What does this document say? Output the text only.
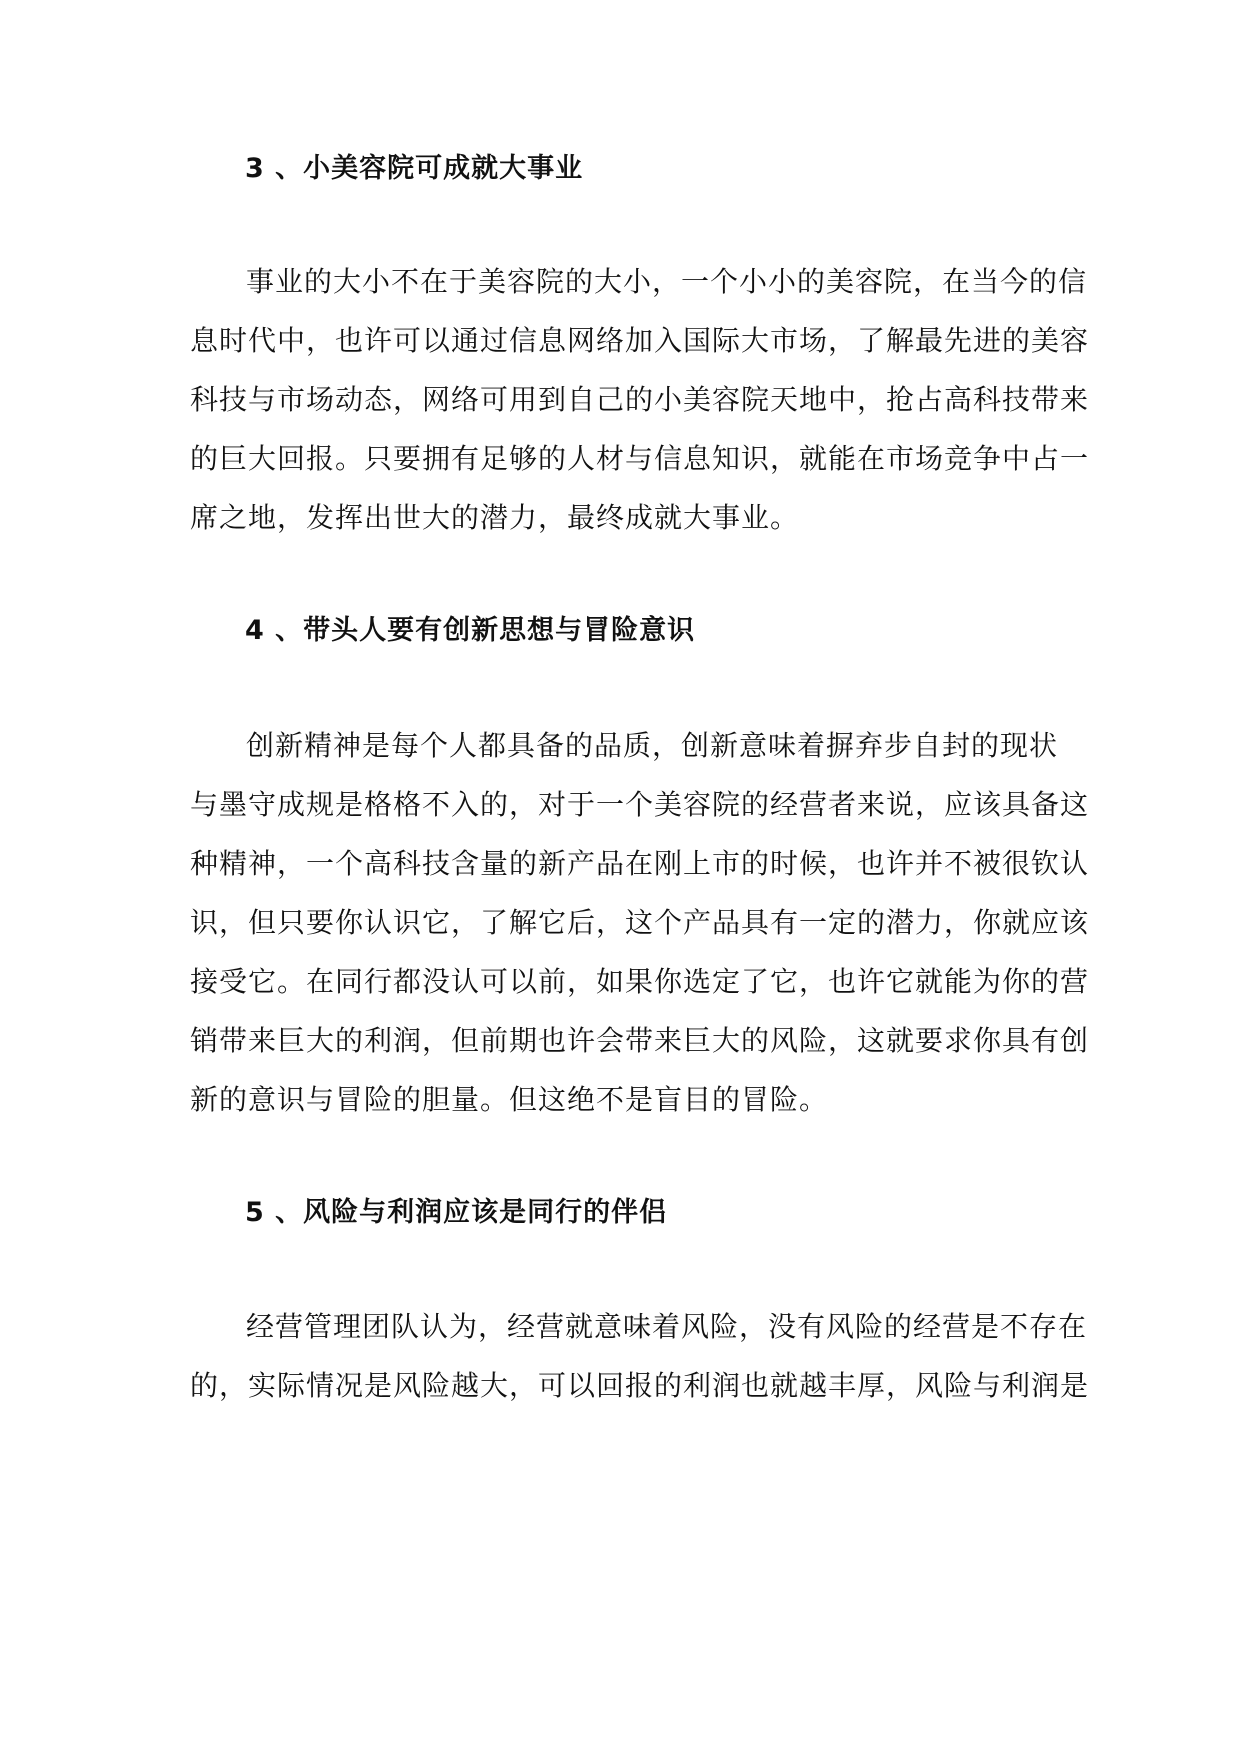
3 、小美容院可成就大事业
事业的大小不在于美容院的大小，一个小小的美容院，在当今的信
息时代中，也许可以通过信息网络加入国际大市场，了解最先进的美容
科技与市场动态，网络可用到自己的小美容院天地中，抢占高科技带来
的巨大回报。只要拥有足够的人材与信息知识，就能在市场竞争中占一
席之地，发挥出世大的潜力，最终成就大事业。
4 、带头人要有创新思想与冒险意识
创新精神是每个人都具备的品质，创新意味着摒弃步自封的现状
与墨守成规是格格不入的，对于一个美容院的经营者来说，应该具备这
种精神，一个高科技含量的新产品在刚上市的时候，也许并不被很钦认
识，但只要你认识它，了解它后，这个产品具有一定的潜力，你就应该
接受它。在同行都没认可以前，如果你选定了它，也许它就能为你的营
销带来巨大的利润，但前期也许会带来巨大的风险，这就要求你具有创
新的意识与冒险的胆量。但这绝不是盲目的冒险。
5 、风险与利润应该是同行的伴侣
经营管理团队认为，经营就意味着风险，没有风险的经营是不存在
的，实际情况是风险越大，可以回报的利润也就越丰厚，风险与利润是
